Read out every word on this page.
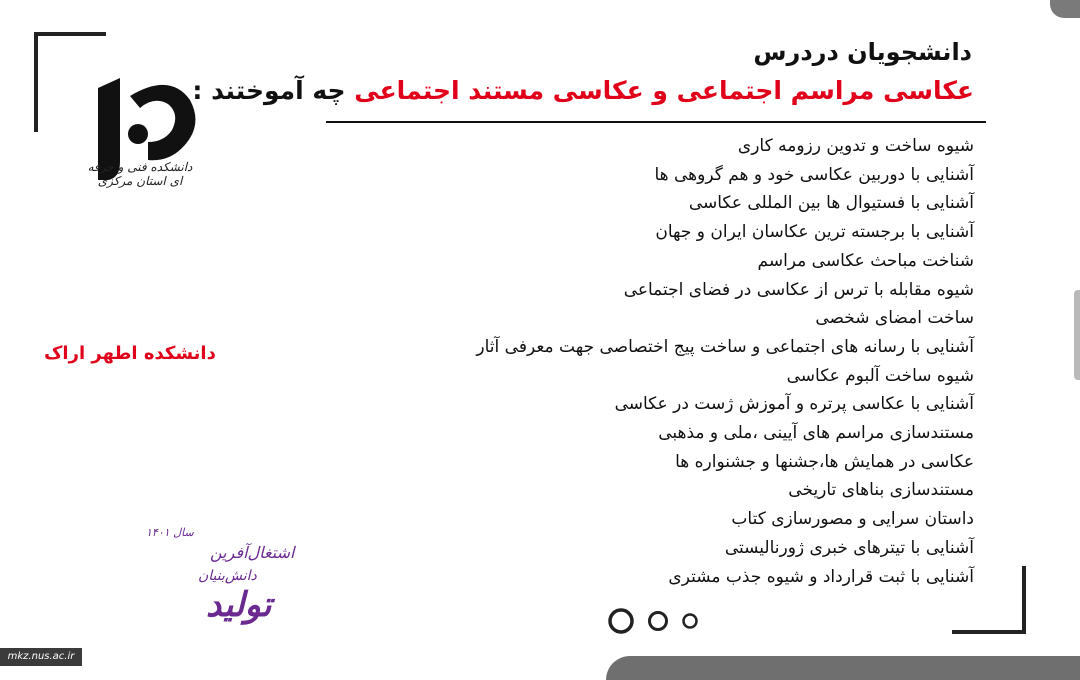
دانشکده فنی و حرفه ای استان مرکزی
دانشجویان دردرس
عکاسی مراسم اجتماعی و عکاسی مستند اجتماعی چه آموختند :
شیوه ساخت و تدوین رزومه کاری
آشنایی با دوربین عکاسی خود و هم گروهی ها
آشنایی با فستیوال ها بین المللی عکاسی
آشنایی با برجسته ترین عکاسان ایران و جهان
شناخت مباحث عکاسی مراسم
شیوه مقابله با ترس از عکاسی در فضای اجتماعی
ساخت امضای شخصی
آشنایی با رسانه های اجتماعی و ساخت پیج اختصاصی جهت معرفی آثار
شیوه ساخت آلبوم عکاسی
آشنایی با عکاسی پرتره و آموزش ژست در عکاسی
مستندسازی مراسم های آیینی ،ملی و مذهبی
عکاسی در همایش ها،جشنها و جشنواره ها
مستندسازی بناهای تاریخی
داستان سرایی و مصورسازی کتاب
آشنایی با تیترهای خبری ژورنالیستی
آشنایی با ثبت قرارداد و شیوه جذب مشتری
دانشکده اطهر اراک
سال ۱۴۰۱
اشتغال‌آفرین
دانش‌بنیان
تولید
mkz.nus.ac.ir
